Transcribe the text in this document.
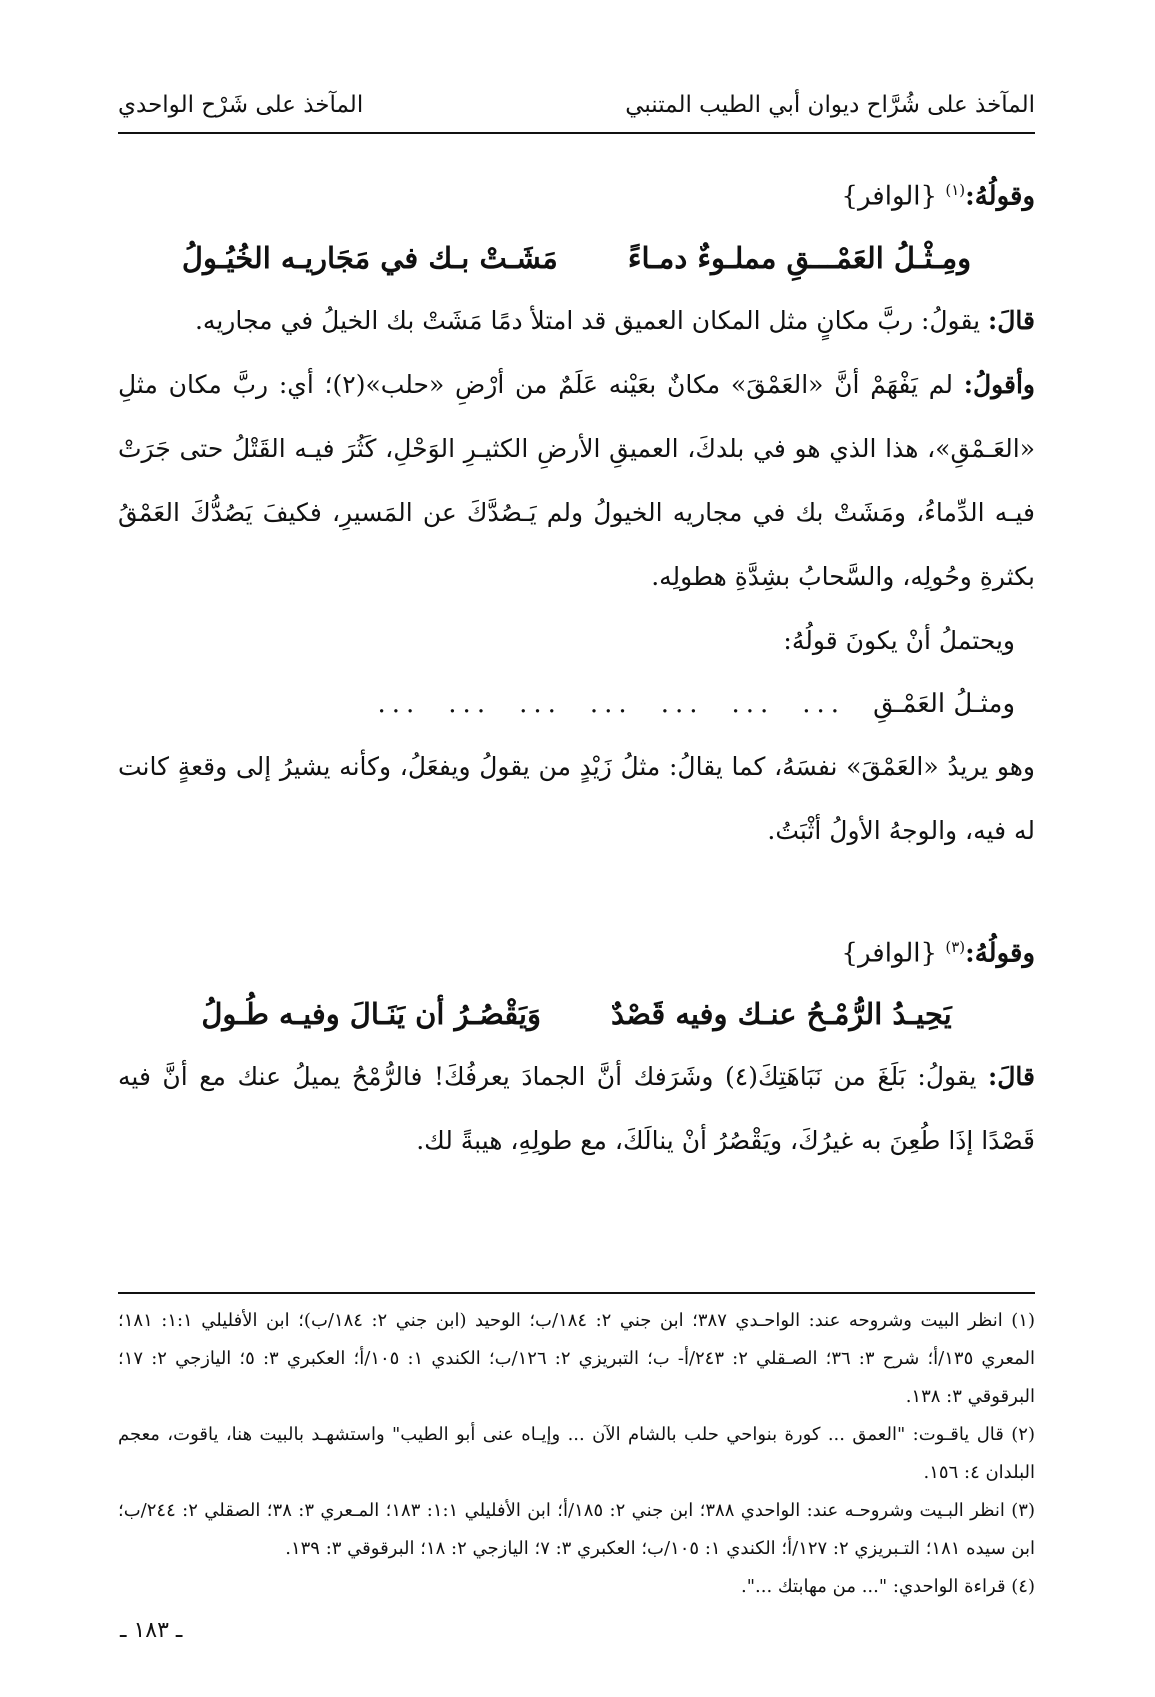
المآخذ على شُرَّاح ديوان أبي الطيب المتنبي
المآخذ على شَرْح الواحدي

وقولُهُ:$^{(١)}$ {الوافر}

ومِـثْـلُ العَمْـــقِ مملـوءٌ دمـاءً
مَشَـتْ بـك في مَجَاريـه الخُيُـولُ

قالَ: يقولُ: ربَّ مكانٍ مثل المكان العميق قد امتلأ دمًا مَشَتْ بك الخيلُ في مجاريه.

وأقولُ: لم يَفْهَمْ أنَّ «العَمْقَ» مكانٌ بعَيْنه عَلَمٌ من أرْضِ «حلب»(٢)؛ أي: ربَّ مكان مثلِ «العَـمْقِ»، هذا الذي هو في بلدكَ، العميقِ الأرضِ الكثيـرِ الوَحْلِ، كَثُرَ فيـه القَتْلُ حتى جَرَتْ فيـه الدِّماءُ، ومَشَتْ بك في مجاريه الخيولُ ولم يَـصُدَّكَ عن المَسيرِ، فكيفَ يَصُدُّكَ العَمْقُ بكثرةِ وحُولِه، والسَّحابُ بشِدَّةِ هطولِه.

ويحتملُ أنْ يكونَ قولُهُ:

ومثـلُ العَمْـقِ
...
...
...
...
...
...
...

وهو يريدُ «العَمْقَ» نفسَهُ، كما يقالُ: مثلُ زَيْدٍ من يقولُ ويفعَلُ، وكأنه يشيرُ إلى وقعةٍ كانت له فيه، والوجهُ الأولُ أثْبَتُ.

وقولُهُ:$^{(٣)}$ {الوافر}

يَحِيـدُ الرُّمْـحُ عنـك وفيه قَصْدٌ
وَيَقْصُـرُ أن يَنَـالَ وفيـه طُـولُ

قالَ: يقولُ: بَلَغَ من نَبَاهَتِكَ(٤) وشَرَفك أنَّ الجمادَ يعرفُكَ! فالرُّمْحُ يميلُ عنك مع أنَّ فيه قَصْدًا إذَا طُعِنَ به غيرُكَ، ويَقْصُرُ أنْ ينالَكَ، مع طولِهِ، هيبةً لك.

(١) انظر البيت وشروحه عند: الواحـدي ٣٨٧؛ ابن جني ٢: ١٨٤/ب؛ الوحيد (ابن جني ٢: ١٨٤/ب)؛ ابن الأفليلي ١:١: ١٨١؛ المعري ١٣٥/أ؛ شرح ٣: ٣٦؛ الصـقلي ٢: ٢٤٣/أ- ب؛ التبريزي ٢: ١٢٦/ب؛ الكندي ١: ١٠٥/أ؛ العكبري ٣: ٥؛ اليازجي ٢: ١٧؛ البرقوقي ٣: ١٣٨.

(٢) قال ياقـوت: "العمق ... كورة بنواحي حلب بالشام الآن ... وإيـاه عنى أبو الطيب" واستشهـد بالبيت هنا، ياقوت، معجم البلدان ٤: ١٥٦.

(٣) انظر البـيت وشروحـه عند: الواحدي ٣٨٨؛ ابن جني ٢: ١٨٥/أ؛ ابن الأفليلي ١:١: ١٨٣؛ المـعري ٣: ٣٨؛ الصقلي ٢: ٢٤٤/ب؛ ابن سيده ١٨١؛ التـبريزي ٢: ١٢٧/أ؛ الكندي ١: ١٠٥/ب؛ العكبري ٣: ٧؛ اليازجي ٢: ١٨؛ البرقوقي ٣: ١٣٩.

(٤) قراءة الواحدي: "... من مهابتك ...".

ـ ١٨٣ ـ
